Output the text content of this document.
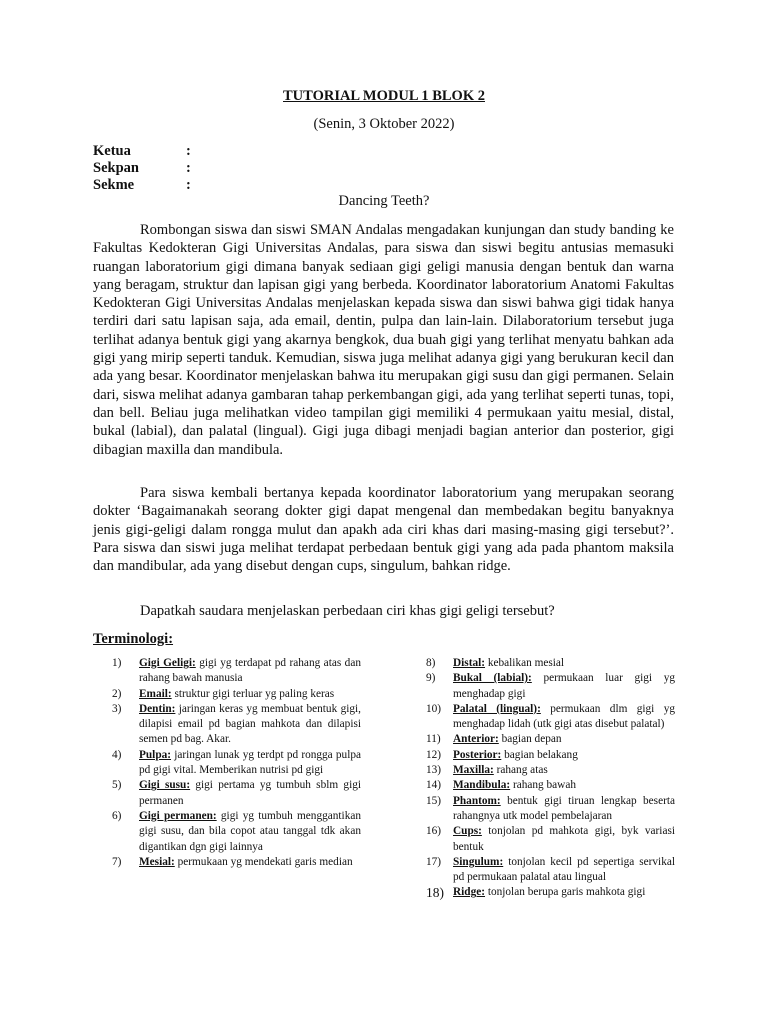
TUTORIAL MODUL 1 BLOK 2
(Senin, 3 Oktober 2022)
Ketua	:
Sekpan	:
Sekme	:
Dancing Teeth?

Rombongan siswa dan siswi SMAN Andalas mengadakan kunjungan dan study banding ke Fakultas Kedokteran Gigi Universitas Andalas, para siswa dan siswi begitu antusias memasuki ruangan laboratorium gigi dimana banyak sediaan gigi geligi manusia dengan bentuk dan warna yang beragam, struktur dan lapisan gigi yang berbeda. Koordinator laboratorium Anatomi Fakultas Kedokteran Gigi Universitas Andalas menjelaskan kepada siswa dan siswi bahwa gigi tidak hanya terdiri dari satu lapisan saja, ada email, dentin, pulpa dan lain-lain. Dilaboratorium tersebut juga terlihat adanya bentuk gigi yang akarnya bengkok, dua buah gigi yang terlihat menyatu bahkan ada gigi yang mirip seperti tanduk. Kemudian, siswa juga melihat adanya gigi yang berukuran kecil dan ada yang besar. Koordinator menjelaskan bahwa itu merupakan gigi susu dan gigi permanen. Selain dari, siswa melihat adanya gambaran tahap perkembangan gigi, ada yang terlihat seperti tunas, topi, dan bell. Beliau juga melihatkan video tampilan gigi memiliki 4 permukaan yaitu mesial, distal, bukal (labial), dan palatal (lingual). Gigi juga dibagi menjadi bagian anterior dan posterior, gigi dibagian maxilla dan mandibula.

Para siswa kembali bertanya kepada koordinator laboratorium yang merupakan seorang dokter ‘Bagaimanakah seorang dokter gigi dapat mengenal dan membedakan begitu banyaknya jenis gigi-geligi dalam rongga mulut dan apakh ada ciri khas dari masing-masing gigi tersebut?’. Para siswa dan siswi juga melihat terdapat perbedaan bentuk gigi yang ada pada phantom maksila dan mandibular, ada yang disebut dengan cups, singulum, bahkan ridge.

Dapatkah saudara menjelaskan perbedaan ciri khas gigi geligi tersebut?
Terminologi:
1)	Gigi Geligi: gigi yg terdapat pd rahang atas dan rahang bawah manusia
2)	Email: struktur gigi terluar yg paling keras
3)	Dentin: jaringan keras yg membuat bentuk gigi, dilapisi email pd bagian mahkota dan dilapisi semen pd bag. Akar.
4)	Pulpa: jaringan lunak yg terdpt pd rongga pulpa pd gigi vital. Memberikan nutrisi pd gigi
5)	Gigi susu: gigi pertama yg tumbuh sblm gigi permanen
6)	Gigi permanen: gigi yg tumbuh menggantikan gigi susu, dan bila copot atau tanggal tdk akan digantikan dgn gigi lainnya
7)	Mesial: permukaan yg mendekati garis median
8)	Distal: kebalikan mesial
9)	Bukal (labial): permukaan luar gigi yg menghadap gigi
10)	Palatal (lingual): permukaan dlm gigi yg menghadap lidah (utk gigi atas disebut palatal)
11)	Anterior: bagian depan
12)	Posterior: bagian belakang
13)	Maxilla: rahang atas
14)	Mandibula: rahang bawah
15)	Phantom: bentuk gigi tiruan lengkap beserta rahangnya utk model pembelajaran
16)	Cups: tonjolan pd mahkota gigi, byk variasi bentuk
17)	Singulum: tonjolan kecil pd sepertiga servikal pd permukaan palatal atau lingual
18) Ridge: tonjolan berupa garis mahkota gigi
